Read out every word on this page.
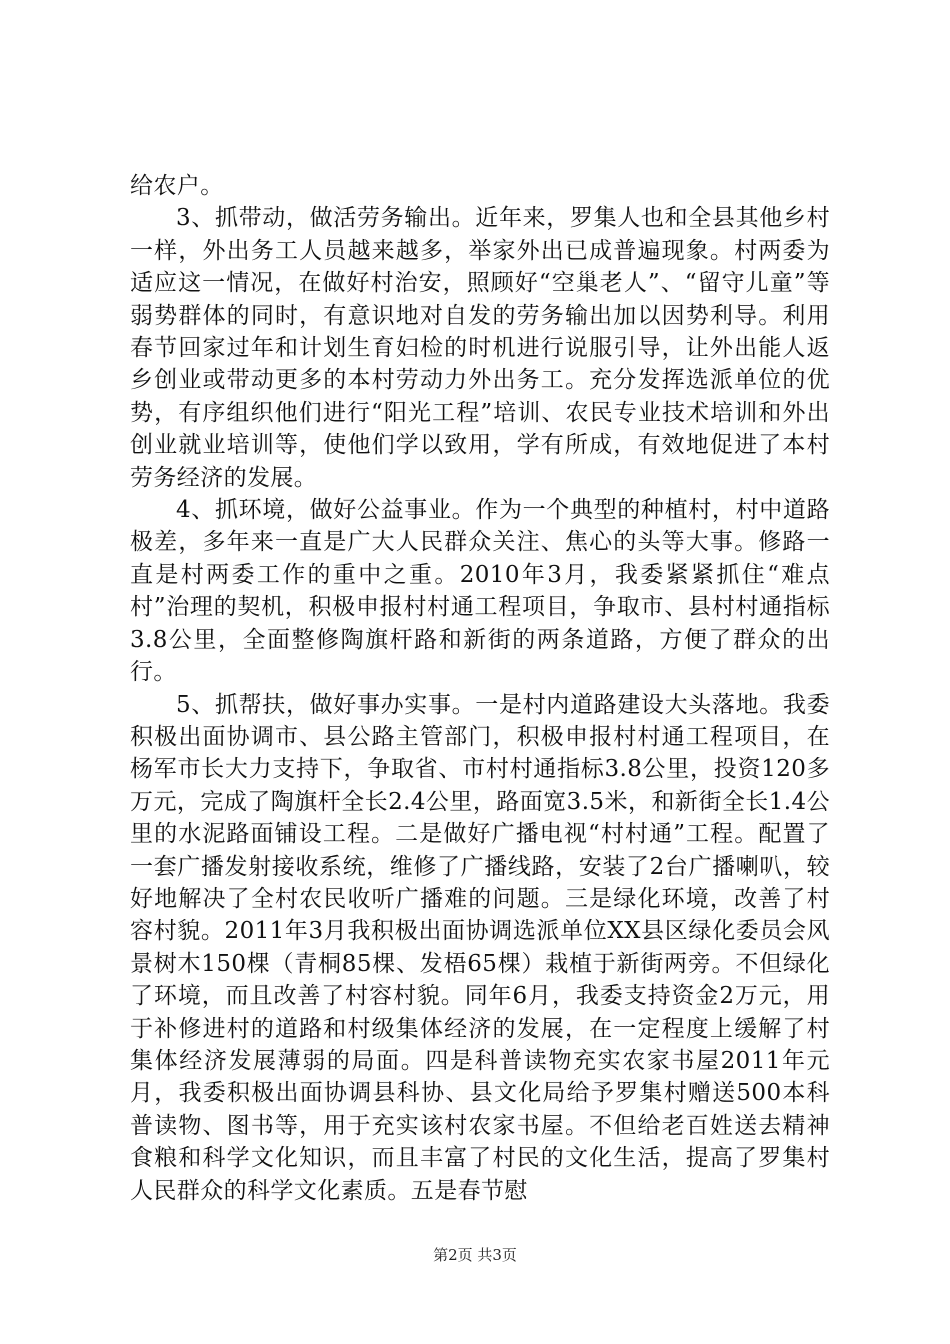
给农户。

3、抓带动，做活劳务输出。近年来，罗集人也和全县其他乡村一样，外出务工人员越来越多，举家外出已成普遍现象。村两委为适应这一情况，在做好村治安，照顾好“空巢老人”、“留守儿童”等弱势群体的同时，有意识地对自发的劳务输出加以因势利导。利用春节回家过年和计划生育妇检的时机进行说服引导，让外出能人返乡创业或带动更多的本村劳动力外出务工。充分发挥选派单位的优势，有序组织他们进行“阳光工程”培训、农民专业技术培训和外出创业就业培训等，使他们学以致用，学有所成，有效地促进了本村劳务经济的发展。

4、抓环境，做好公益事业。作为一个典型的种植村，村中道路极差，多年来一直是广大人民群众关注、焦心的头等大事。修路一直是村两委工作的重中之重。2010年3月，我委紧紧抓住“难点村”治理的契机，积极申报村村通工程项目，争取市、县村村通指标3.8公里，全面整修陶旗杆路和新街的两条道路，方便了群众的出行。

5、抓帮扶，做好事办实事。一是村内道路建设大头落地。我委积极出面协调市、县公路主管部门，积极申报村村通工程项目，在杨军市长大力支持下，争取省、市村村通指标3.8公里，投资120多万元，完成了陶旗杆全长2.4公里，路面宽3.5米，和新街全长1.4公里的水泥路面铺设工程。二是做好广播电视“村村通”工程。配置了一套广播发射接收系统，维修了广播线路，安装了2台广播喇叭，较好地解决了全村农民收听广播难的问题。三是绿化环境，改善了村容村貌。2011年3月我积极出面协调选派单位XX县区绿化委员会风景树木150棵（青桐85棵、发梧65棵）栽植于新街两旁。不但绿化了环境，而且改善了村容村貌。同年6月，我委支持资金2万元，用于补修进村的道路和村级集体经济的发展，在一定程度上缓解了村集体经济发展薄弱的局面。四是科普读物充实农家书屋2011年元月，我委积极出面协调县科协、县文化局给予罗集村赠送500本科普读物、图书等，用于充实该村农家书屋。不但给老百姓送去精神食粮和科学文化知识，而且丰富了村民的文化生活，提高了罗集村人民群众的科学文化素质。五是春节慰

第2页 共3页
